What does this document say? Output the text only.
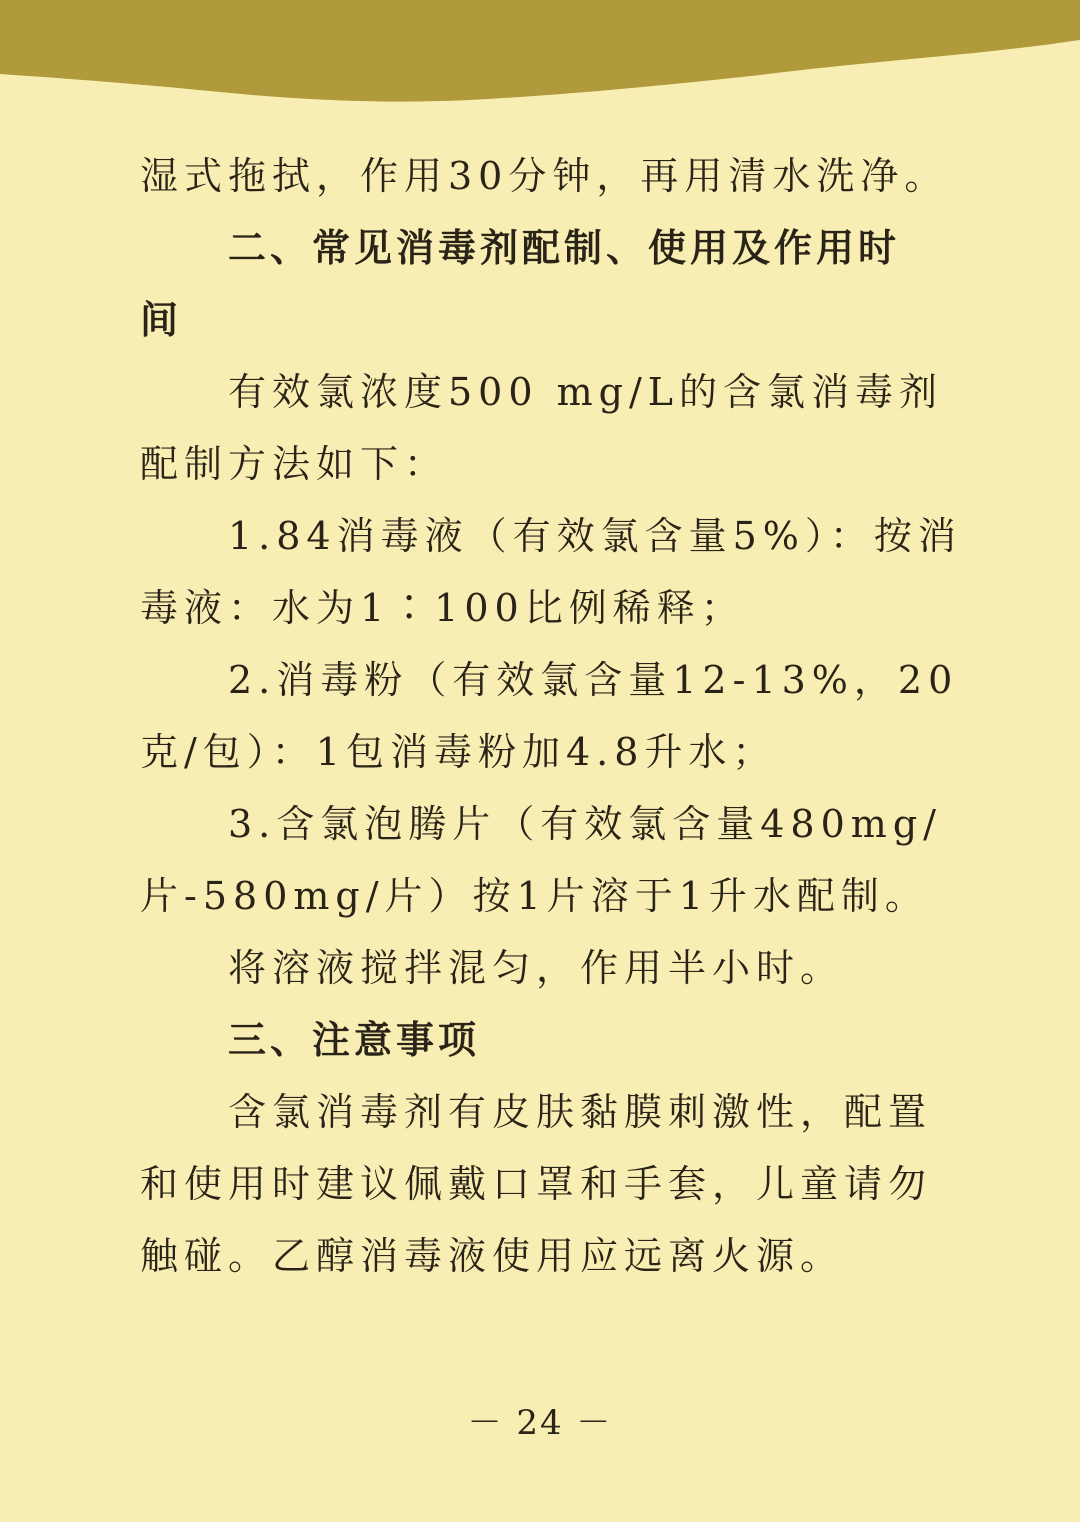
湿式拖拭，作用30分钟，再用清水洗净。
二、常见消毒剂配制、使用及作用时
间
有效氯浓度500 mg/L的含氯消毒剂
配制方法如下：
1.84消毒液（有效氯含量5%）：按消
毒液：水为1∶100比例稀释；
2.消毒粉（有效氯含量12-13%，20
克/包）：1包消毒粉加4.8升水；
3.含氯泡腾片（有效氯含量480mg/
片-580mg/片）按1片溶于1升水配制。
将溶液搅拌混匀，作用半小时。
三、注意事项
含氯消毒剂有皮肤黏膜刺激性，配置
和使用时建议佩戴口罩和手套，儿童请勿
触碰。乙醇消毒液使用应远离火源。
－ 24 －
